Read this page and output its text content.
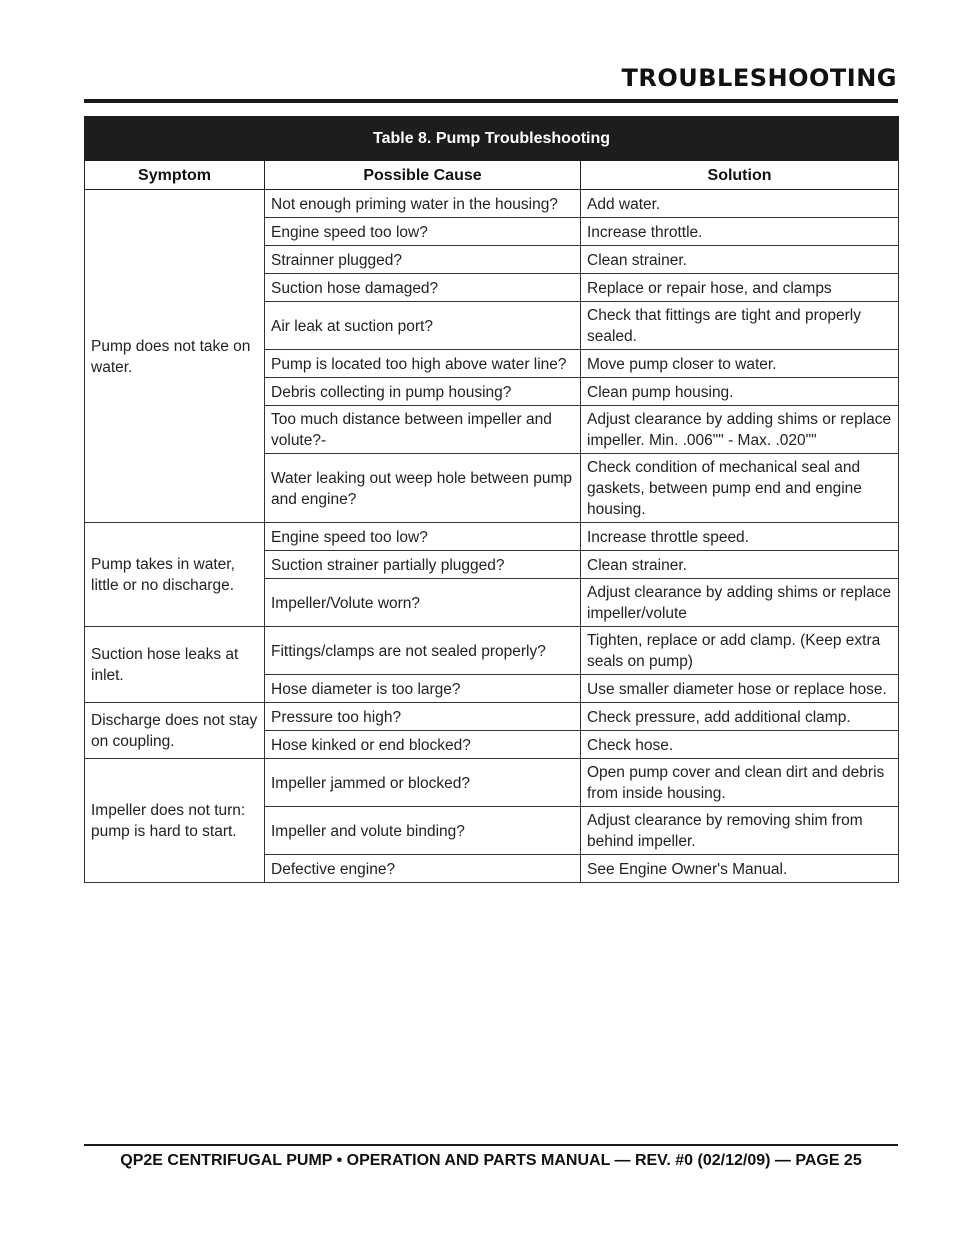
TROUBLESHOOTING
Table 8. Pump Troubleshooting		
Symptom	Possible Cause	Solution
Pump does not take on water.	Not enough priming water in the housing?	Add water.
	Engine speed too low?	Increase throttle.
	Strainner plugged?	Clean strainer.
	Suction hose damaged?	Replace or repair hose, and clamps
	Air leak at suction port?	Check that fittings are tight and properly sealed.
	Pump is located too high above water line?	Move pump closer to water.
	Debris collecting in pump housing?	Clean pump housing.
	Too much distance between impeller and volute?-	Adjust clearance by adding shims or replace impeller. Min. .006"" - Max. .020""
	Water leaking out weep hole between pump and engine?	Check condition of mechanical seal and gaskets, between pump end and engine housing.
Pump takes in water, little or no discharge.	Engine speed too low?	Increase throttle speed.
	Suction strainer partially plugged?	Clean strainer.
	Impeller/Volute worn?	Adjust clearance by adding shims or replace impeller/volute
Suction hose leaks at inlet.	Fittings/clamps are not sealed properly?	Tighten, replace or add clamp. (Keep extra seals on pump)
	Hose diameter is too large?	Use smaller diameter hose or replace hose.
Discharge does not stay on coupling.	Pressure too high?	Check pressure, add additional clamp.
	Hose kinked or end blocked?	Check hose.
Impeller does not turn: pump is hard to start.	Impeller jammed or blocked?	Open pump cover and clean dirt and debris from inside housing.
	Impeller and volute binding?	Adjust clearance by removing shim from behind impeller.
	Defective engine?	See Engine Owner's Manual.
QP2E CENTRIFUGAL PUMP • OPERATION AND PARTS MANUAL — REV. #0 (02/12/09) — PAGE 25
